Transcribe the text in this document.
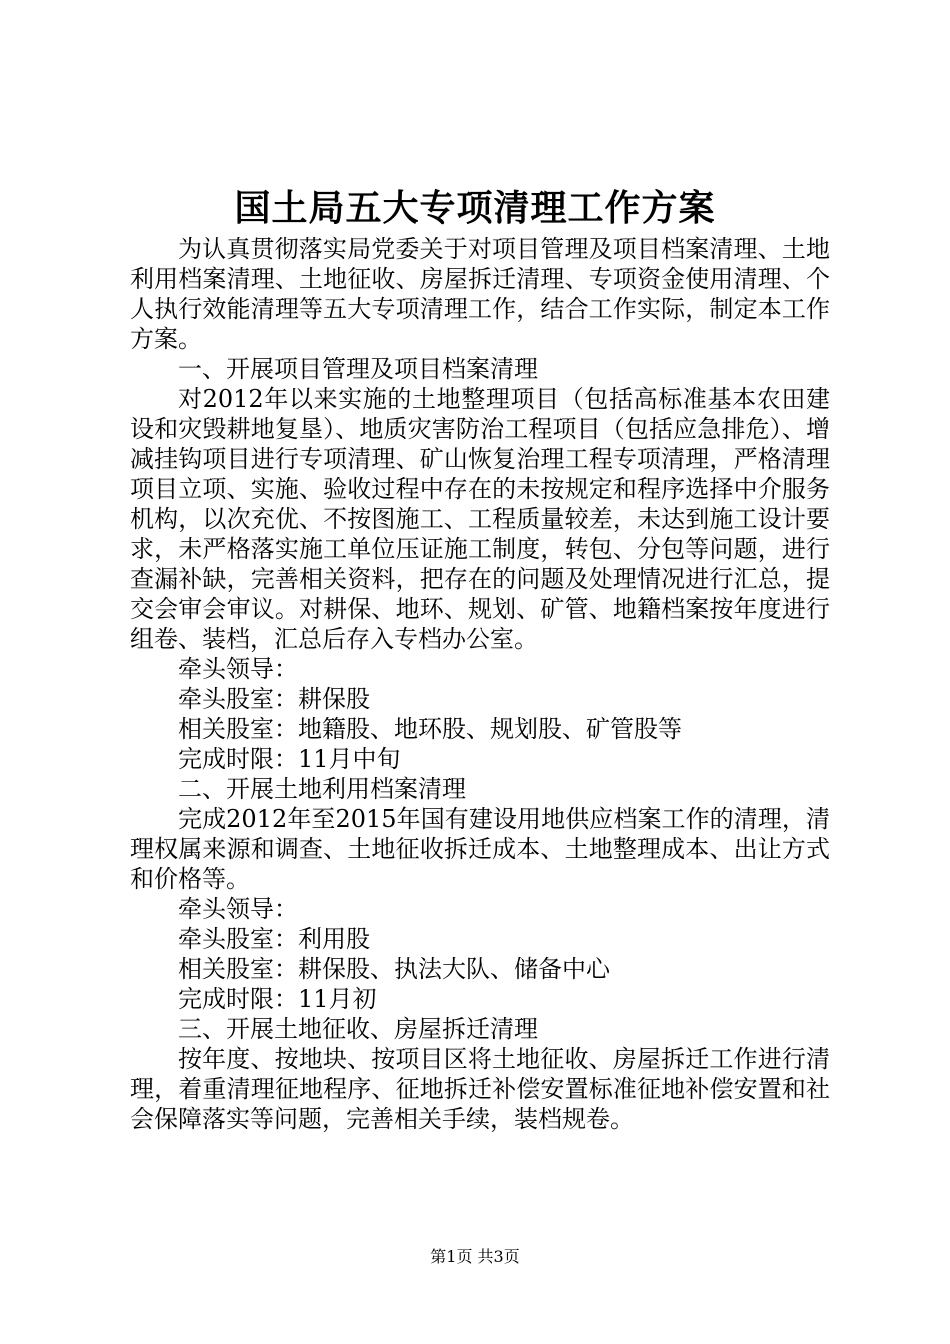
国土局五大专项清理工作方案

为认真贯彻落实局党委关于对项目管理及项目档案清理、土地利用档案清理、土地征收、房屋拆迁清理、专项资金使用清理、个人执行效能清理等五大专项清理工作，结合工作实际，制定本工作方案。

一、开展项目管理及项目档案清理

对2012年以来实施的土地整理项目（包括高标准基本农田建设和灾毁耕地复垦）、地质灾害防治工程项目（包括应急排危）、增减挂钩项目进行专项清理、矿山恢复治理工程专项清理，严格清理项目立项、实施、验收过程中存在的未按规定和程序选择中介服务机构，以次充优、不按图施工、工程质量较差，未达到施工设计要求，未严格落实施工单位压证施工制度，转包、分包等问题，进行查漏补缺，完善相关资料，把存在的问题及处理情况进行汇总，提交会审会审议。对耕保、地环、规划、矿管、地籍档案按年度进行组卷、装档，汇总后存入专档办公室。

牵头领导：

牵头股室：耕保股

相关股室：地籍股、地环股、规划股、矿管股等

完成时限：11月中旬

二、开展土地利用档案清理

完成2012年至2015年国有建设用地供应档案工作的清理，清理权属来源和调查、土地征收拆迁成本、土地整理成本、出让方式和价格等。

牵头领导：

牵头股室：利用股

相关股室：耕保股、执法大队、储备中心

完成时限：11月初

三、开展土地征收、房屋拆迁清理

按年度、按地块、按项目区将土地征收、房屋拆迁工作进行清理，着重清理征地程序、征地拆迁补偿安置标准征地补偿安置和社会保障落实等问题，完善相关手续，装档规卷。

第1页 共3页
